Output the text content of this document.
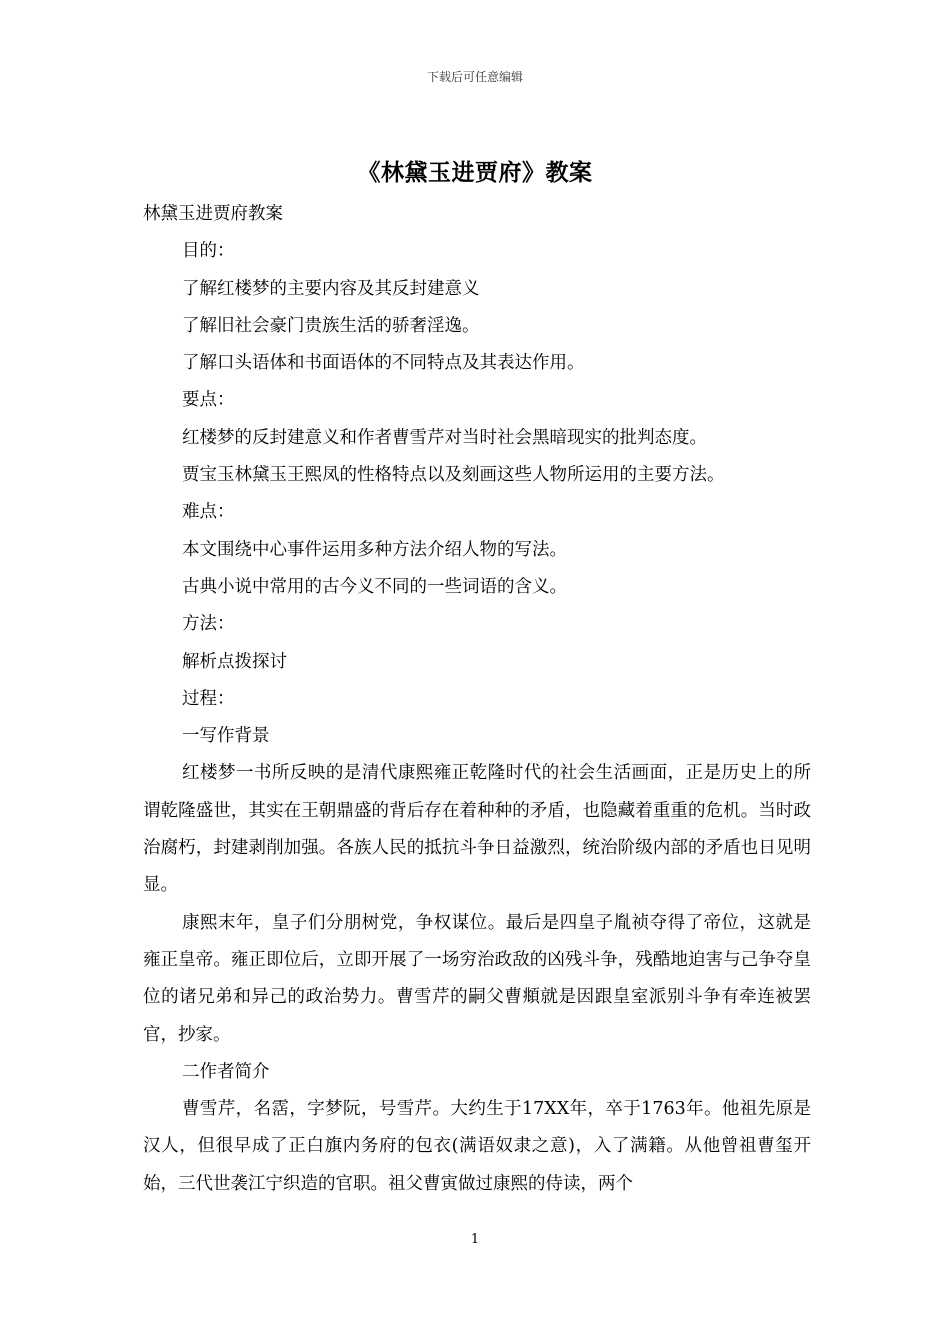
下载后可任意编辑
《林黛玉进贾府》教案
林黛玉进贾府教案
目的：
了解红楼梦的主要内容及其反封建意义
了解旧社会豪门贵族生活的骄奢淫逸。
了解口头语体和书面语体的不同特点及其表达作用。
要点：
红楼梦的反封建意义和作者曹雪芹对当时社会黑暗现实的批判态度。
贾宝玉林黛玉王熙凤的性格特点以及刻画这些人物所运用的主要方法。
难点：
本文围绕中心事件运用多种方法介绍人物的写法。
古典小说中常用的古今义不同的一些词语的含义。
方法：
解析点拨探讨
过程：
一写作背景

红楼梦一书所反映的是清代康熙雍正乾隆时代的社会生活画面，正是历史上的所谓乾隆盛世，其实在王朝鼎盛的背后存在着种种的矛盾，也隐藏着重重的危机。当时政治腐朽，封建剥削加强。各族人民的抵抗斗争日益激烈，统治阶级内部的矛盾也日见明显。

康熙末年，皇子们分朋树党，争权谋位。最后是四皇子胤祯夺得了帝位，这就是雍正皇帝。雍正即位后，立即开展了一场穷治政敌的凶残斗争，残酷地迫害与己争夺皇位的诸兄弟和异己的政治势力。曹雪芹的嗣父曹頫就是因跟皇室派别斗争有牵连被罢官，抄家。

二作者简介

曹雪芹，名霑，字梦阮，号雪芹。大约生于17XX年，卒于1763年。他祖先原是汉人，但很早成了正白旗内务府的包衣(满语奴隶之意)，入了满籍。从他曾祖曹玺开始，三代世袭江宁织造的官职。祖父曹寅做过康熙的侍读，两个

1
